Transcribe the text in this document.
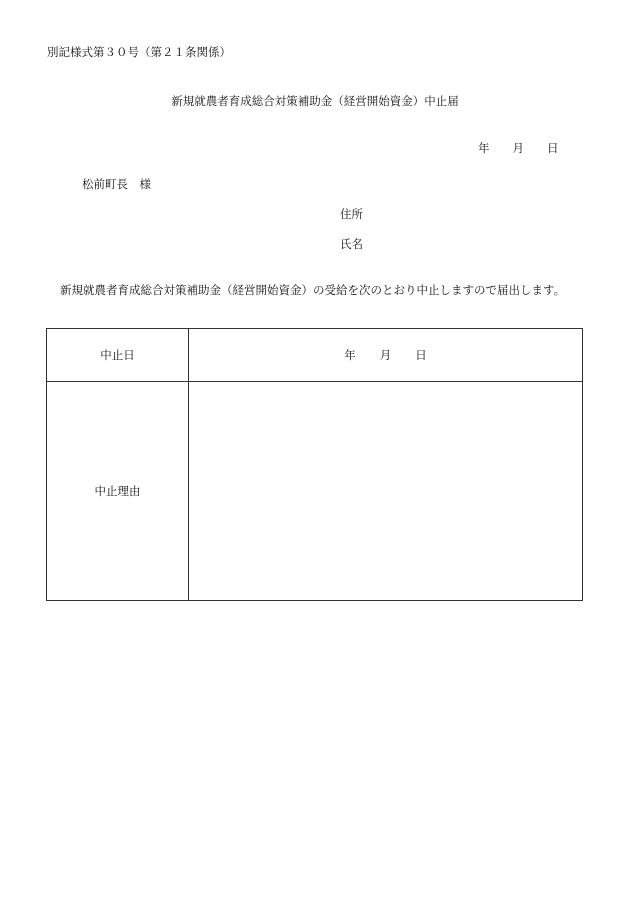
別記様式第３０号（第２１条関係）
新規就農者育成総合対策補助金（経営開始資金）中止届
年 月 日
松前町長　様
住所
氏名
新規就農者育成総合対策補助金（経営開始資金）の受給を次のとおり中止しますので届出します。
中止日	年 月 日
中止理由
